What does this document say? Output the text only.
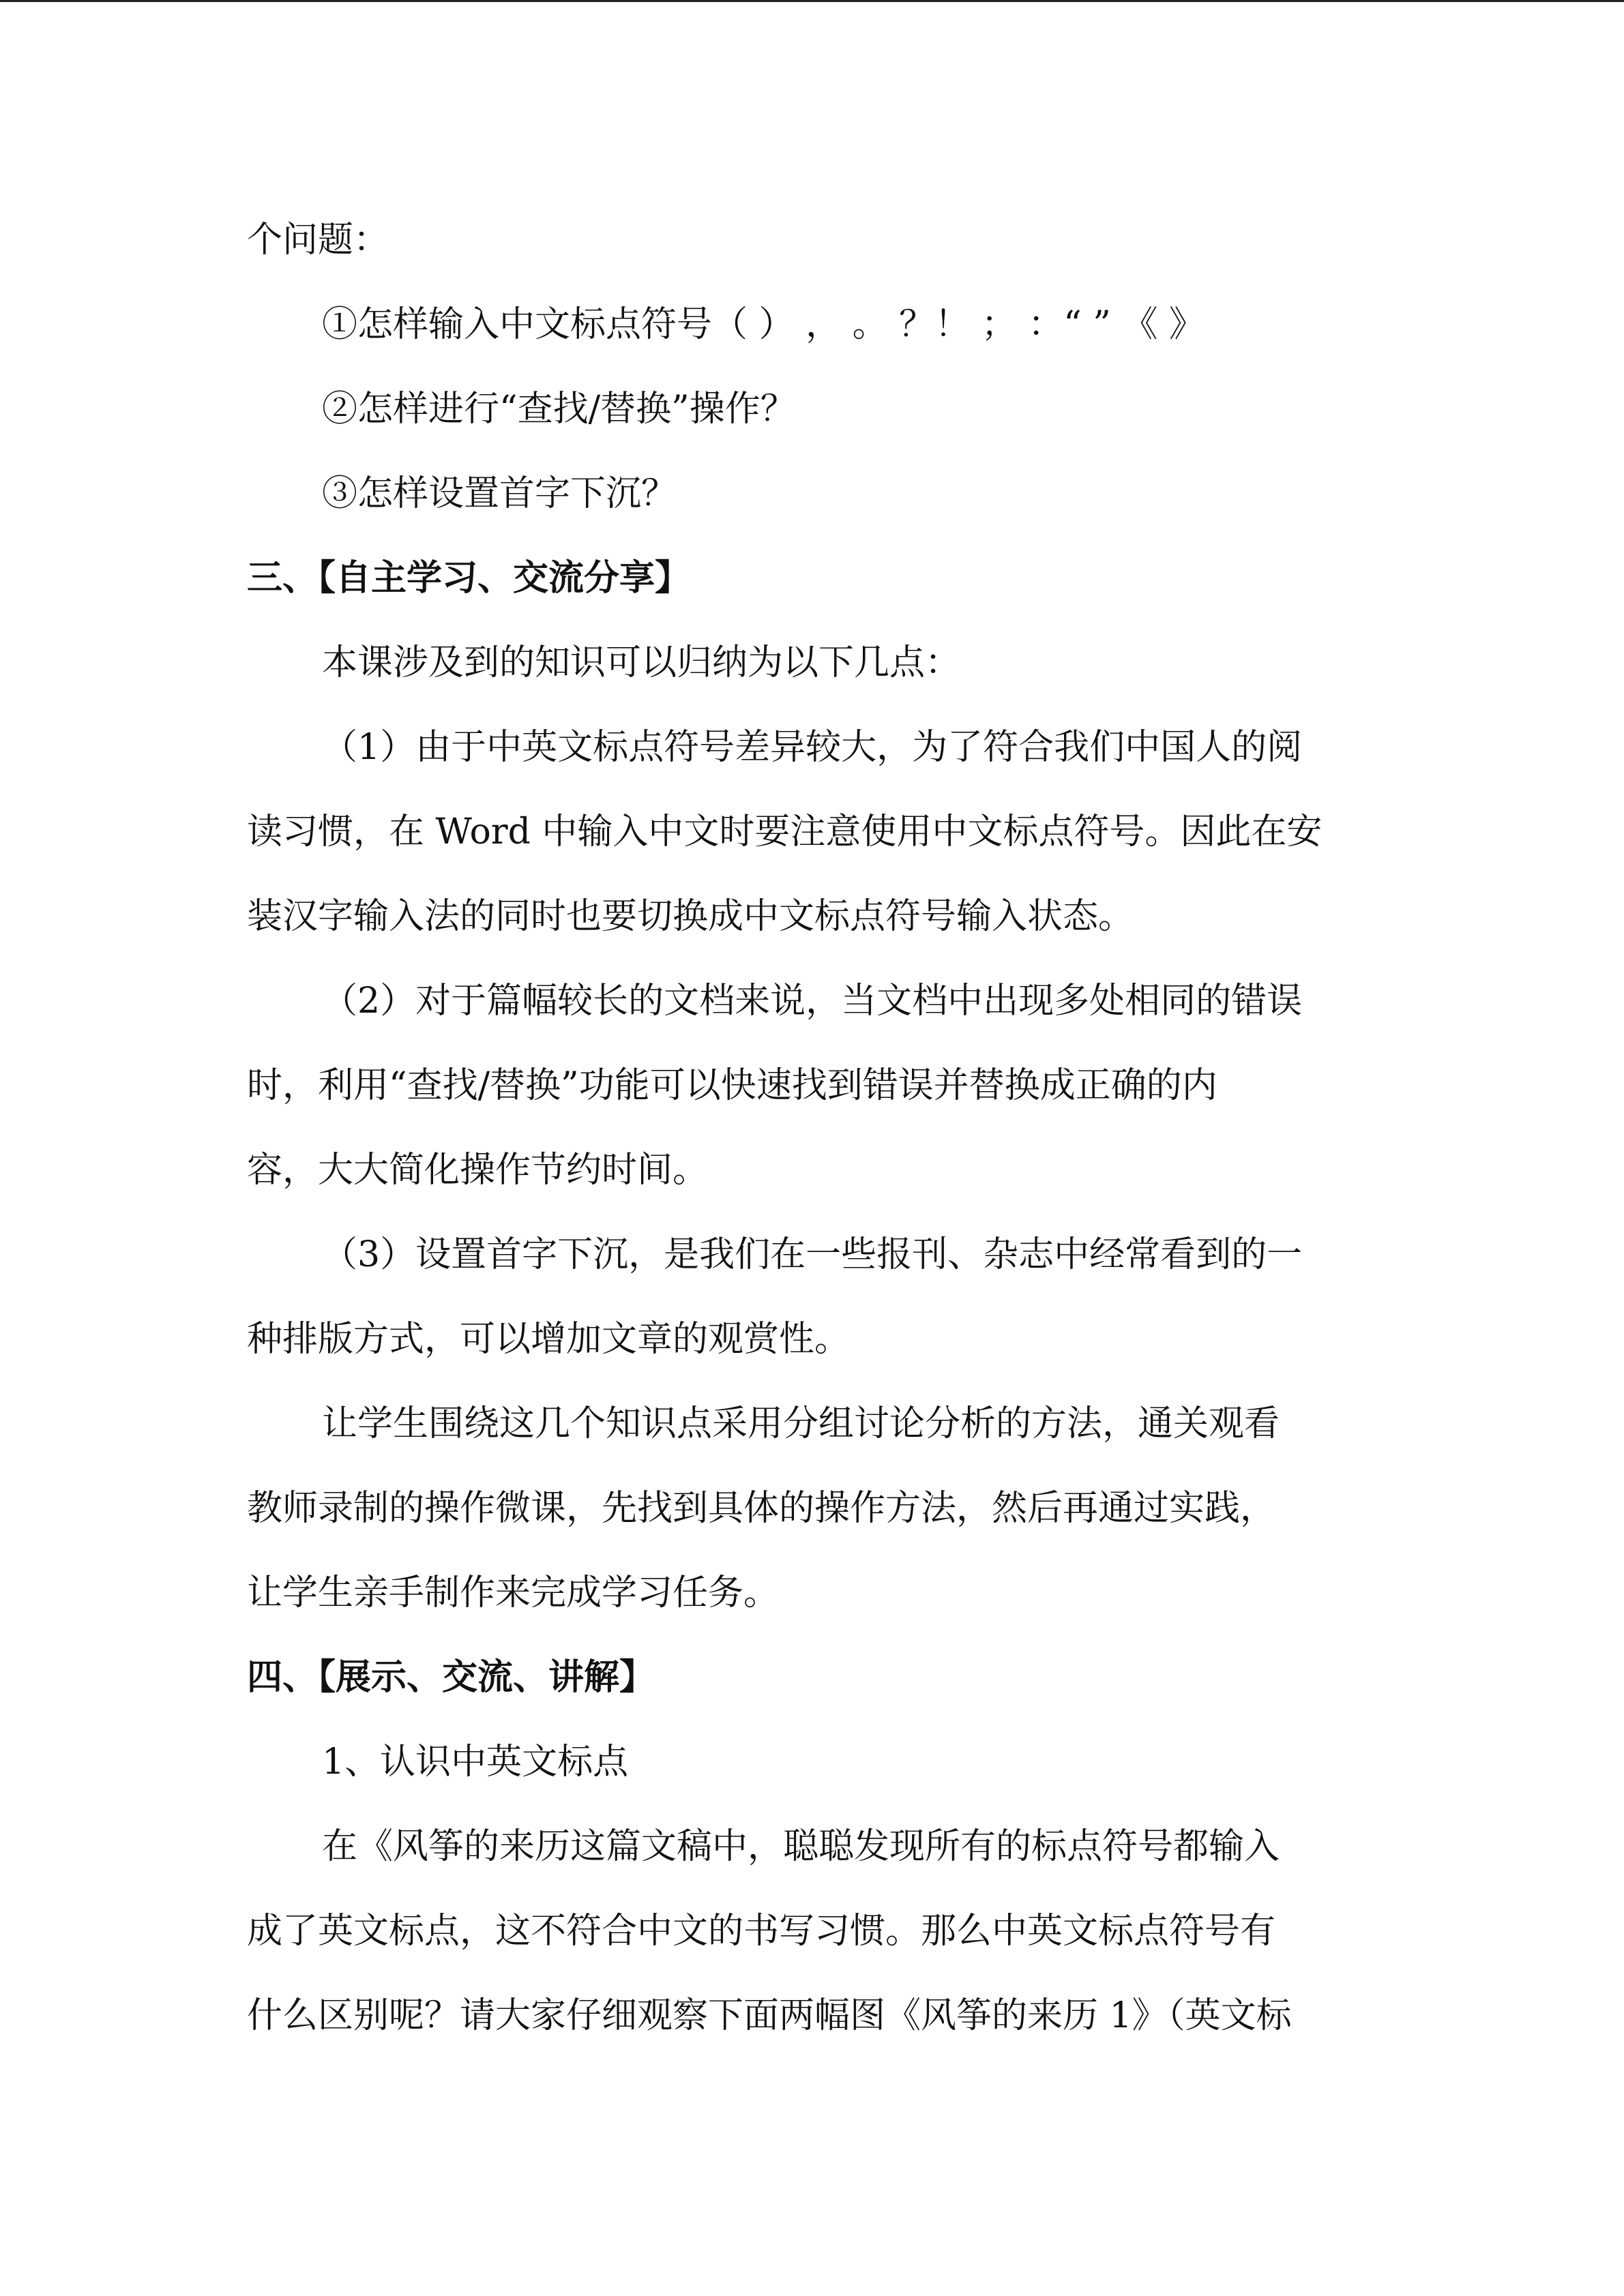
个问题：
①怎样输入中文标点符号（ ） ， 。 ？！ ； ：“ ” 《 》
②怎样进行“查找/替换”操作？
③怎样设置首字下沉？
三、【自主学习、交流分享】
本课涉及到的知识可以归纳为以下几点：
（1）由于中英文标点符号差异较大，为了符合我们中国人的阅
读习惯，在 Word 中输入中文时要注意使用中文标点符号。因此在安
装汉字输入法的同时也要切换成中文标点符号输入状态。
（2）对于篇幅较长的文档来说，当文档中出现多处相同的错误
时，利用“查找/替换”功能可以快速找到错误并替换成正确的内
容，大大简化操作节约时间。
（3）设置首字下沉，是我们在一些报刊、杂志中经常看到的一
种排版方式，可以增加文章的观赏性。
让学生围绕这几个知识点采用分组讨论分析的方法，通关观看
教师录制的操作微课，先找到具体的操作方法，然后再通过实践，
让学生亲手制作来完成学习任务。
四、【展示、交流、讲解】
1、认识中英文标点
在《风筝的来历这篇文稿中，聪聪发现所有的标点符号都输入
成了英文标点，这不符合中文的书写习惯。那么中英文标点符号有
什么区别呢？请大家仔细观察下面两幅图《风筝的来历 1》（英文标
